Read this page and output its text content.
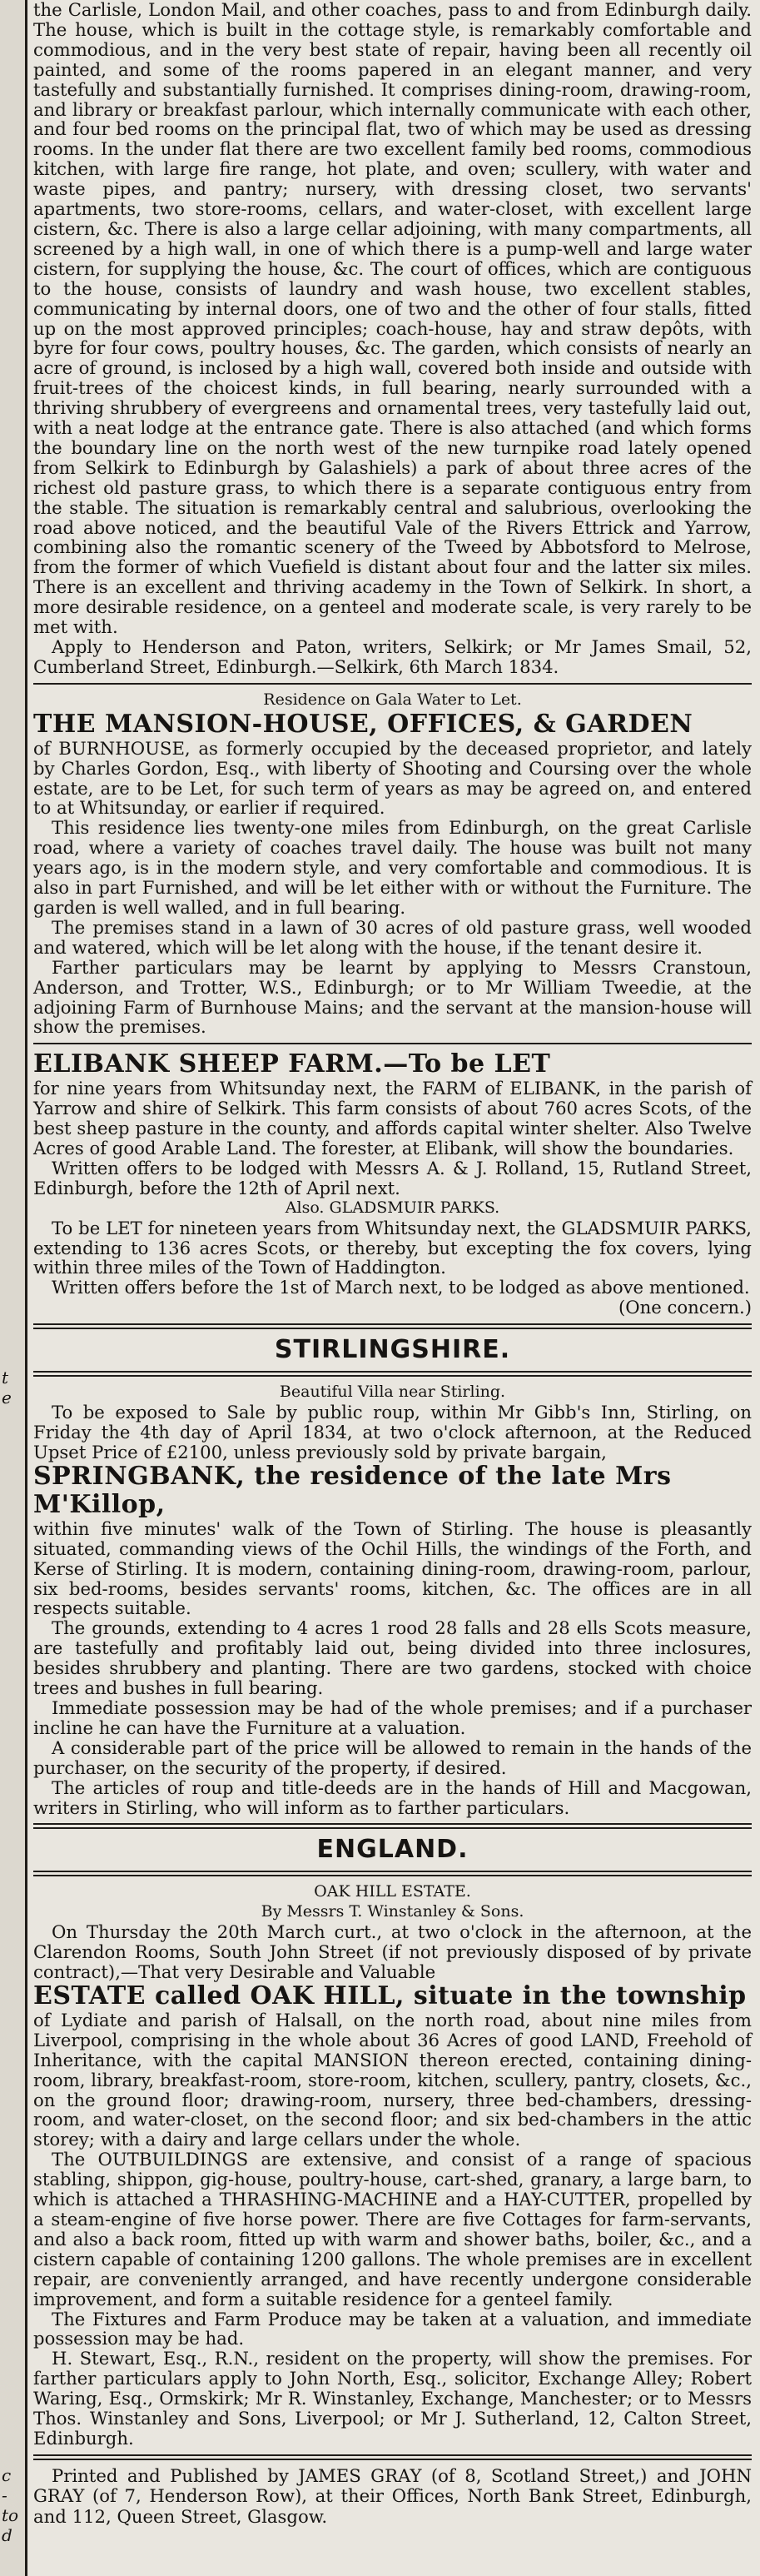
t
e
c
-
to
d

the Carlisle, London Mail, and other coaches, pass to and from Edinburgh daily. The house, which is built in the cottage style, is remarkably comfortable and commodious, and in the very best state of repair, having been all recently oil painted, and some of the rooms papered in an elegant manner, and very tastefully and substantially furnished. It comprises dining-room, drawing-room, and library or breakfast parlour, which internally communicate with each other, and four bed rooms on the principal flat, two of which may be used as dressing rooms. In the under flat there are two excellent family bed rooms, commodious kitchen, with large fire range, hot plate, and oven; scullery, with water and waste pipes, and pantry; nursery, with dressing closet, two servants' apartments, two store-rooms, cellars, and water-closet, with excellent large cistern, &c. There is also a large cellar adjoining, with many compartments, all screened by a high wall, in one of which there is a pump-well and large water cistern, for supplying the house, &c. The court of offices, which are contiguous to the house, consists of laundry and wash house, two excellent stables, communicating by internal doors, one of two and the other of four stalls, fitted up on the most approved principles; coach-house, hay and straw depôts, with byre for four cows, poultry houses, &c. The garden, which consists of nearly an acre of ground, is inclosed by a high wall, covered both inside and outside with fruit-trees of the choicest kinds, in full bearing, nearly surrounded with a thriving shrubbery of evergreens and ornamental trees, very tastefully laid out, with a neat lodge at the entrance gate. There is also attached (and which forms the boundary line on the north west of the new turnpike road lately opened from Selkirk to Edinburgh by Galashiels) a park of about three acres of the richest old pasture grass, to which there is a separate contiguous entry from the stable. The situation is remarkably central and salubrious, overlooking the road above noticed, and the beautiful Vale of the Rivers Ettrick and Yarrow, combining also the romantic scenery of the Tweed by Abbotsford to Melrose, from the former of which Vuefield is distant about four and the latter six miles. There is an excellent and thriving academy in the Town of Selkirk. In short, a more desirable residence, on a genteel and moderate scale, is very rarely to be met with.

Apply to Henderson and Paton, writers, Selkirk; or Mr James Smail, 52, Cumberland Street, Edinburgh.—Selkirk, 6th March 1834.

Residence on Gala Water to Let.

THE MANSION-HOUSE, OFFICES, & GARDEN

of BURNHOUSE, as formerly occupied by the deceased proprietor, and lately by Charles Gordon, Esq., with liberty of Shooting and Coursing over the whole estate, are to be Let, for such term of years as may be agreed on, and entered to at Whitsunday, or earlier if required.

This residence lies twenty-one miles from Edinburgh, on the great Carlisle road, where a variety of coaches travel daily. The house was built not many years ago, is in the modern style, and very comfortable and commodious. It is also in part Furnished, and will be let either with or without the Furniture. The garden is well walled, and in full bearing.

The premises stand in a lawn of 30 acres of old pasture grass, well wooded and watered, which will be let along with the house, if the tenant desire it.

Farther particulars may be learnt by applying to Messrs Cranstoun, Anderson, and Trotter, W.S., Edinburgh; or to Mr William Tweedie, at the adjoining Farm of Burnhouse Mains; and the servant at the mansion-house will show the premises.

ELIBANK SHEEP FARM.—To be LET

for nine years from Whitsunday next, the FARM of ELIBANK, in the parish of Yarrow and shire of Selkirk. This farm consists of about 760 acres Scots, of the best sheep pasture in the county, and affords capital winter shelter. Also Twelve Acres of good Arable Land. The forester, at Elibank, will show the boundaries.

Written offers to be lodged with Messrs A. & J. Rolland, 15, Rutland Street, Edinburgh, before the 12th of April next.

Also. GLADSMUIR PARKS.

To be LET for nineteen years from Whitsunday next, the GLADSMUIR PARKS, extending to 136 acres Scots, or thereby, but excepting the fox covers, lying within three miles of the Town of Haddington.

Written offers before the 1st of March next, to be lodged as above mentioned.

(One concern.)

STIRLINGSHIRE.

Beautiful Villa near Stirling.

To be exposed to Sale by public roup, within Mr Gibb's Inn, Stirling, on Friday the 4th day of April 1834, at two o'clock afternoon, at the Reduced Upset Price of £2100, unless previously sold by private bargain,

SPRINGBANK, the residence of the late Mrs M'Killop,

within five minutes' walk of the Town of Stirling. The house is pleasantly situated, commanding views of the Ochil Hills, the windings of the Forth, and Kerse of Stirling. It is modern, containing dining-room, drawing-room, parlour, six bed-rooms, besides servants' rooms, kitchen, &c. The offices are in all respects suitable.

The grounds, extending to 4 acres 1 rood 28 falls and 28 ells Scots measure, are tastefully and profitably laid out, being divided into three inclosures, besides shrubbery and planting. There are two gardens, stocked with choice trees and bushes in full bearing.

Immediate possession may be had of the whole premises; and if a purchaser incline he can have the Furniture at a valuation.

A considerable part of the price will be allowed to remain in the hands of the purchaser, on the security of the property, if desired.

The articles of roup and title-deeds are in the hands of Hill and Macgowan, writers in Stirling, who will inform as to farther particulars.

ENGLAND.

OAK HILL ESTATE.

By Messrs T. Winstanley & Sons.

On Thursday the 20th March curt., at two o'clock in the afternoon, at the Clarendon Rooms, South John Street (if not previously disposed of by private contract),—That very Desirable and Valuable

ESTATE called OAK HILL, situate in the township

of Lydiate and parish of Halsall, on the north road, about nine miles from Liverpool, comprising in the whole about 36 Acres of good LAND, Freehold of Inheritance, with the capital MANSION thereon erected, containing dining-room, library, breakfast-room, store-room, kitchen, scullery, pantry, closets, &c., on the ground floor; drawing-room, nursery, three bed-chambers, dressing-room, and water-closet, on the second floor; and six bed-chambers in the attic storey; with a dairy and large cellars under the whole.

The OUTBUILDINGS are extensive, and consist of a range of spacious stabling, shippon, gig-house, poultry-house, cart-shed, granary, a large barn, to which is attached a THRASHING-MACHINE and a HAY-CUTTER, propelled by a steam-engine of five horse power. There are five Cottages for farm-servants, and also a back room, fitted up with warm and shower baths, boiler, &c., and a cistern capable of containing 1200 gallons. The whole premises are in excellent repair, are conveniently arranged, and have recently undergone considerable improvement, and form a suitable residence for a genteel family.

The Fixtures and Farm Produce may be taken at a valuation, and immediate possession may be had.

H. Stewart, Esq., R.N., resident on the property, will show the premises. For farther particulars apply to John North, Esq., solicitor, Exchange Alley; Robert Waring, Esq., Ormskirk; Mr R. Winstanley, Exchange, Manchester; or to Messrs Thos. Winstanley and Sons, Liverpool; or Mr J. Sutherland, 12, Calton Street, Edinburgh.

Printed and Published by JAMES GRAY (of 8, Scotland Street,) and JOHN GRAY (of 7, Henderson Row), at their Offices, North Bank Street, Edinburgh, and 112, Queen Street, Glasgow.
